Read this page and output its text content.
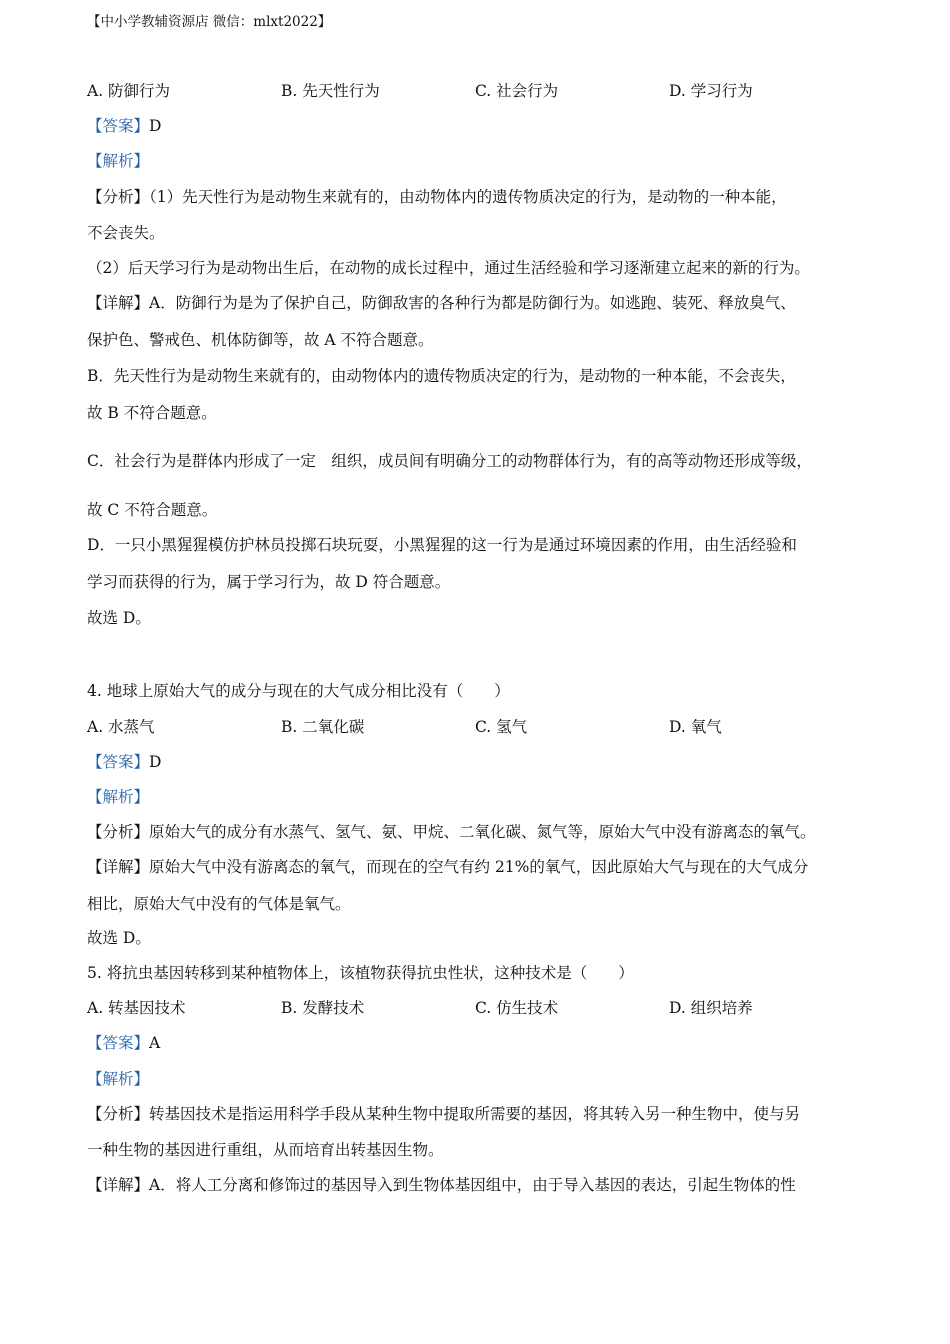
【中小学教辅资源店 微信：mlxt2022】
A. 防御行为	B. 先天性行为	C. 社会行为	D. 学习行为
【答案】D
【解析】
【分析】（1）先天性行为是动物生来就有的，由动物体内的遗传物质决定的行为，是动物的一种本能，
不会丧失。
（2）后天学习行为是动物出生后，在动物的成长过程中，通过生活经验和学习逐渐建立起来的新的行为。
【详解】A．防御行为是为了保护自己，防御敌害的各种行为都是防御行为。如逃跑、装死、释放臭气、
保护色、警戒色、机体防御等，故 A 不符合题意。
B．先天性行为是动物生来就有的，由动物体内的遗传物质决定的行为，是动物的一种本能，不会丧失，
故 B 不符合题意。
C．社会行为是群体内形成了一定　组织，成员间有明确分工的动物群体行为，有的高等动物还形成等级，
故 C 不符合题意。
D．一只小黑猩猩模仿护林员投掷石块玩耍，小黑猩猩的这一行为是通过环境因素的作用，由生活经验和
学习而获得的行为，属于学习行为，故 D 符合题意。
故选 D。
4. 地球上原始大气的成分与现在的大气成分相比没有（　　）
A. 水蒸气	B. 二氧化碳	C. 氢气	D. 氧气
【答案】D
【解析】
【分析】原始大气的成分有水蒸气、氢气、氨、甲烷、二氧化碳、氮气等，原始大气中没有游离态的氧气。
【详解】原始大气中没有游离态的氧气，而现在的空气有约 21%的氧气，因此原始大气与现在的大气成分
相比，原始大气中没有的气体是氧气。
故选 D。
5. 将抗虫基因转移到某种植物体上，该植物获得抗虫性状，这种技术是（　　）
A. 转基因技术	B. 发酵技术	C. 仿生技术	D. 组织培养
【答案】A
【解析】
【分析】转基因技术是指运用科学手段从某种生物中提取所需要的基因，将其转入另一种生物中，使与另
一种生物的基因进行重组，从而培育出转基因生物。
【详解】A．将人工分离和修饰过的基因导入到生物体基因组中，由于导入基因的表达，引起生物体的性
